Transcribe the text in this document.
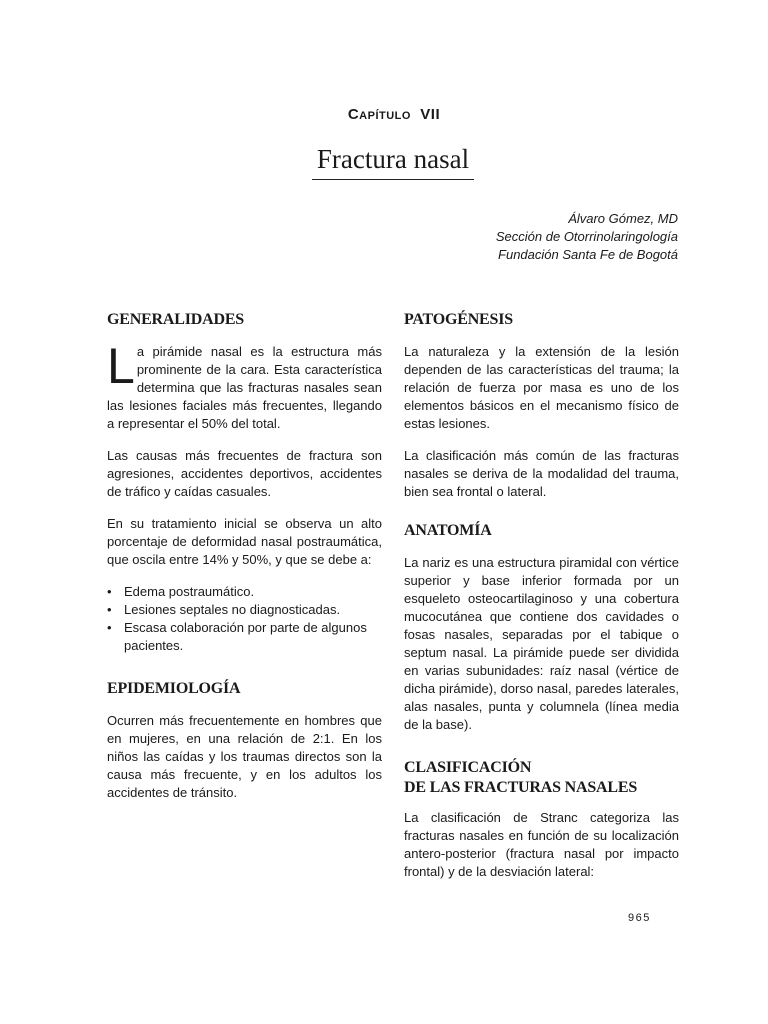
Capítulo VII
Fractura nasal
Álvaro Gómez, MD
Sección de Otorrinolaringología
Fundación Santa Fe de Bogotá
GENERALIDADES

La pirámide nasal es la estructura más prominente de la cara. Esta característica determina que las fracturas nasales sean las lesiones faciales más frecuentes, llegando a representar el 50% del total.

Las causas más frecuentes de fractura son agresiones, accidentes deportivos, accidentes de tráfico y caídas casuales.

En su tratamiento inicial se observa un alto porcentaje de deformidad nasal postraumática, que oscila entre 14% y 50%, y que se debe a:

• Edema postraumático.
• Lesiones septales no diagnosticadas.
• Escasa colaboración por parte de algunos pacientes.
EPIDEMIOLOGÍA

Ocurren más frecuentemente en hombres que en mujeres, en una relación de 2:1. En los niños las caídas y los traumas directos son la causa más frecuente, y en los adultos los accidentes de tránsito.

PATOGÉNESIS

La naturaleza y la extensión de la lesión dependen de las características del trauma; la relación de fuerza por masa es uno de los elementos básicos en el mecanismo físico de estas lesiones.

La clasificación más común de las fracturas nasales se deriva de la modalidad del trauma, bien sea frontal o lateral.

ANATOMÍA

La nariz es una estructura piramidal con vértice superior y base inferior formada por un esqueleto osteocartilaginoso y una cobertura mucocutánea que contiene dos cavidades o fosas nasales, separadas por el tabique o septum nasal. La pirámide puede ser dividida en varias subunidades: raíz nasal (vértice de dicha pirámide), dorso nasal, paredes laterales, alas nasales, punta y columnela (línea media de la base).

CLASIFICACIÓN
DE LAS FRACTURAS NASALES

La clasificación de Stranc categoriza las fracturas nasales en función de su localización antero-posterior (fractura nasal por impacto frontal) y de la desviación lateral:

965
